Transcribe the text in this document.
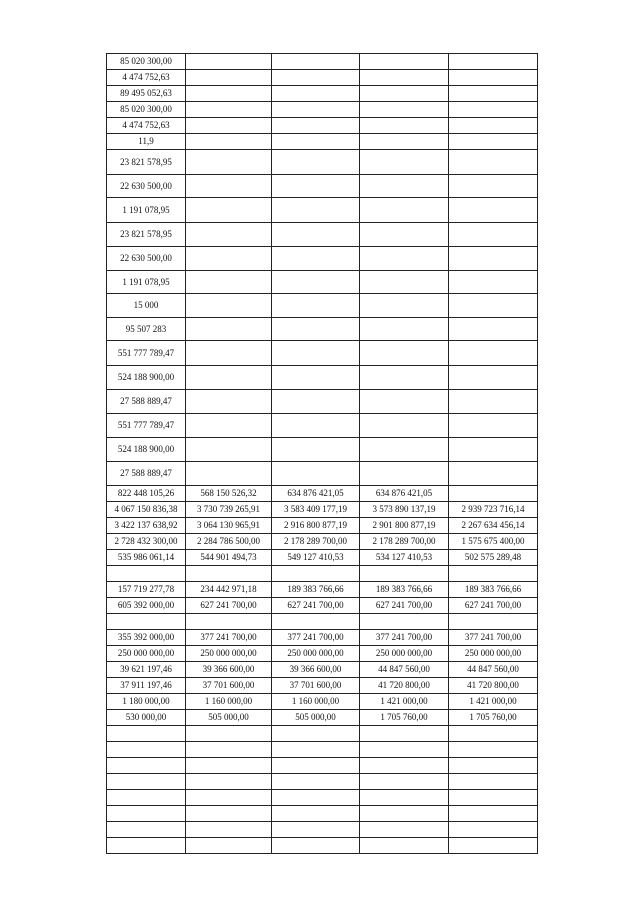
85 020 300,00				
4 474 752,63				
89 495 052,63				
85 020 300,00				
4 474 752,63				
11,9				
23 821 578,95				
22 630 500,00				
1 191 078,95				
23 821 578,95				
22 630 500,00				
1 191 078,95				
15 000				
95 507 283				
551 777 789,47				
524 188 900,00				
27 588 889,47				
551 777 789,47				
524 188 900,00				
27 588 889,47				
822 448 105,26	568 150 526,32	634 876 421,05	634 876 421,05	
4 067 150 836,38	3 730 739 265,91	3 583 409 177,19	3 573 890 137,19	2 939 723 716,14
3 422 137 638,92	3 064 130 965,91	2 916 800 877,19	2 901 800 877,19	2 267 634 456,14
2 728 432 300,00	2 284 786 500,00	2 178 289 700,00	2 178 289 700,00	1 575 675 400,00
535 986 061,14	544 901 494,73	549 127 410,53	534 127 410,53	502 575 289,48

157 719 277,78	234 442 971,18	189 383 766,66	189 383 766,66	189 383 766,66
605 392 000,00	627 241 700,00	627 241 700,00	627 241 700,00	627 241 700,00

355 392 000,00	377 241 700,00	377 241 700,00	377 241 700,00	377 241 700,00
250 000 000,00	250 000 000,00	250 000 000,00	250 000 000,00	250 000 000,00
39 621 197,46	39 366 600,00	39 366 600,00	44 847 560,00	44 847 560,00
37 911 197,46	37 701 600,00	37 701 600,00	41 720 800,00	41 720 800,00
1 180 000,00	1 160 000,00	1 160 000,00	1 421 000,00	1 421 000,00
530 000,00	505 000,00	505 000,00	1 705 760,00	1 705 760,00
